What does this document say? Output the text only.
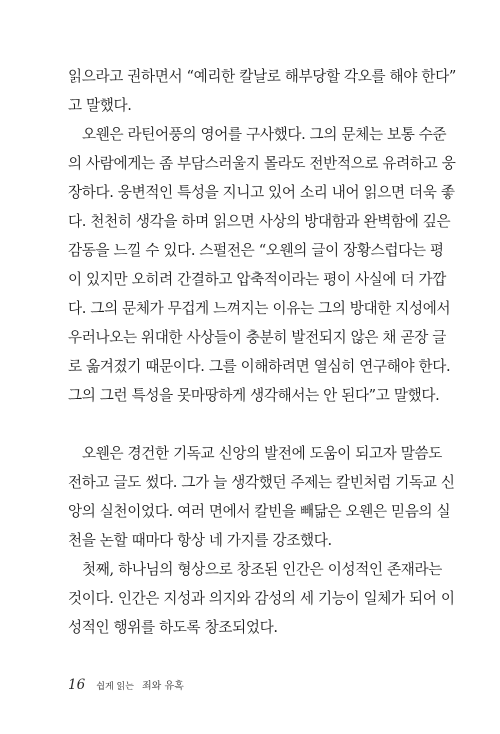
읽으라고 권하면서 “예리한 칼날로 해부당할 각오를 해야 한다”
고 말했다.
오웬은 라틴어풍의 영어를 구사했다. 그의 문체는 보통 수준
의 사람에게는 좀 부담스러울지 몰라도 전반적으로 유려하고 웅
장하다. 웅변적인 특성을 지니고 있어 소리 내어 읽으면 더욱 좋
다. 천천히 생각을 하며 읽으면 사상의 방대함과 완벽함에 깊은
감동을 느낄 수 있다. 스펄전은 “오웬의 글이 장황스럽다는 평
이 있지만 오히려 간결하고 압축적이라는 평이 사실에 더 가깝
다. 그의 문체가 무겁게 느껴지는 이유는 그의 방대한 지성에서
우러나오는 위대한 사상들이 충분히 발전되지 않은 채 곧장 글
로 옮겨졌기 때문이다. 그를 이해하려면 열심히 연구해야 한다.
그의 그런 특성을 못마땅하게 생각해서는 안 된다”고 말했다.
오웬은 경건한 기독교 신앙의 발전에 도움이 되고자 말씀도
전하고 글도 썼다. 그가 늘 생각했던 주제는 칼빈처럼 기독교 신
앙의 실천이었다. 여러 면에서 칼빈을 빼닮은 오웬은 믿음의 실
천을 논할 때마다 항상 네 가지를 강조했다.
첫째, 하나님의 형상으로 창조된 인간은 이성적인 존재라는
것이다. 인간은 지성과 의지와 감성의 세 기능이 일체가 되어 이
성적인 행위를 하도록 창조되었다.
16 쉽게 읽는 죄와 유혹
